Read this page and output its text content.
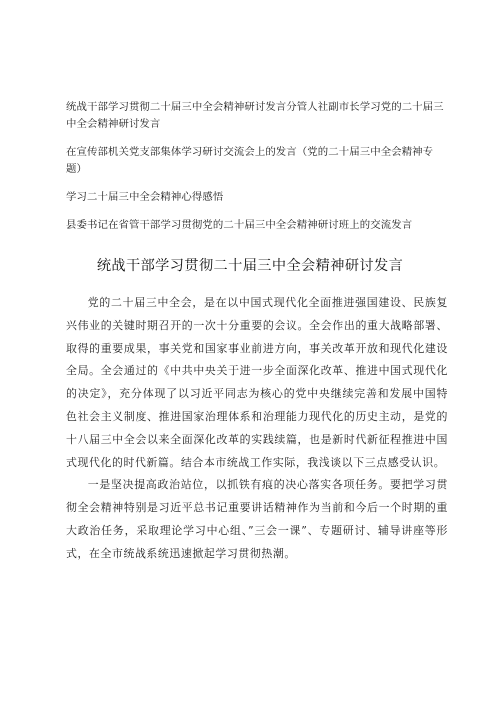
统战干部学习贯彻二十届三中全会精神研讨发言分管人社副市长学习党的二十届三中全会精神研讨发言

在宣传部机关党支部集体学习研讨交流会上的发言（党的二十届三中全会精神专题）

学习二十届三中全会精神心得感悟

县委书记在省管干部学习贯彻党的二十届三中全会精神研讨班上的交流发言

统战干部学习贯彻二十届三中全会精神研讨发言

党的二十届三中全会，是在以中国式现代化全面推进强国建设、民族复兴伟业的关键时期召开的一次十分重要的会议。全会作出的重大战略部署、取得的重要成果，事关党和国家事业前进方向，事关改革开放和现代化建设全局。全会通过的《中共中央关于进一步全面深化改革、推进中国式现代化的决定》，充分体现了以习近平同志为核心的党中央继续完善和发展中国特色社会主义制度、推进国家治理体系和治理能力现代化的历史主动，是党的十八届三中全会以来全面深化改革的实践续篇，也是新时代新征程推进中国式现代化的时代新篇。结合本市统战工作实际，我浅谈以下三点感受认识。

一是坚决提高政治站位，以抓铁有痕的决心落实各项任务。要把学习贯彻全会精神特别是习近平总书记重要讲话精神作为当前和今后一个时期的重大政治任务，采取理论学习中心组、”三会一课”、专题研讨、辅导讲座等形式，在全市统战系统迅速掀起学习贯彻热潮。
